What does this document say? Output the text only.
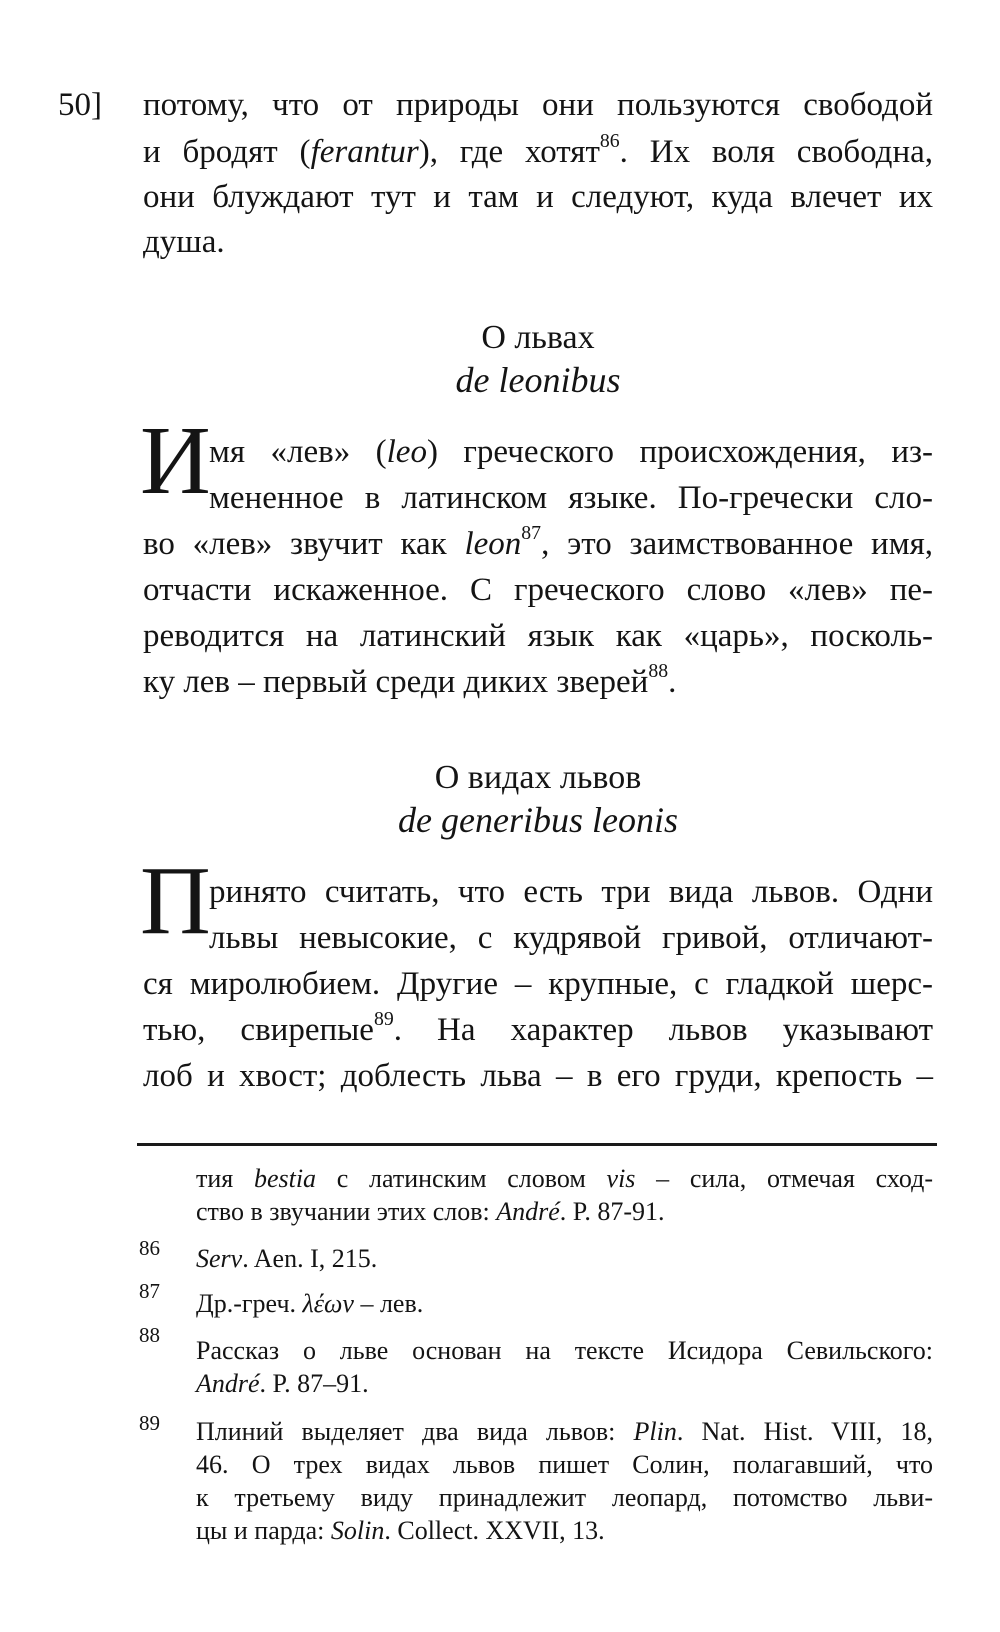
50] потому, что от природы они пользуются свободой
и бродят (ferantur), где хотят$^{86}$. Их воля свободна,
они блуждают тут и там и следуют, куда влечет их
душа.
О львах
de leonibus
И
мя «лев» (leo) греческого происхождения, из-
мененное в латинском языке. По-гречески сло-
во «лев» звучит как leon$^{87}$, это заимствованное имя,
отчасти искаженное. С греческого слово «лев» пе-
реводится на латинский язык как «царь», посколь-
ку лев – первый среди диких зверей$^{88}$.
О видах львов
de generibus leonis
П
ринято считать, что есть три вида львов. Одни
львы невысокие, с кудрявой гривой, отличают-
ся миролюбием. Другие – крупные, с гладкой шерс-
тью, свирепые$^{89}$. На характер львов указывают
лоб и хвост; доблесть льва – в его груди, крепость –
тия bestia с латинским словом vis – сила, отмечая сход-
ство в звучании этих слов: André. P. 87-91.
86 Serv. Aen. I, 215.
87 Др.-греч. λέων – лев.
88
Рассказ о льве основан на тексте Исидора Севильского:
André. P. 87–91.
89 Плиний выделяет два вида львов: Plin. Nat. Hist. VIII, 18,
46. О трех видах львов пишет Солин, полагавший, что
к третьему виду принадлежит леопард, потомство льви-
цы и парда: Solin. Collect. XXVII, 13.
